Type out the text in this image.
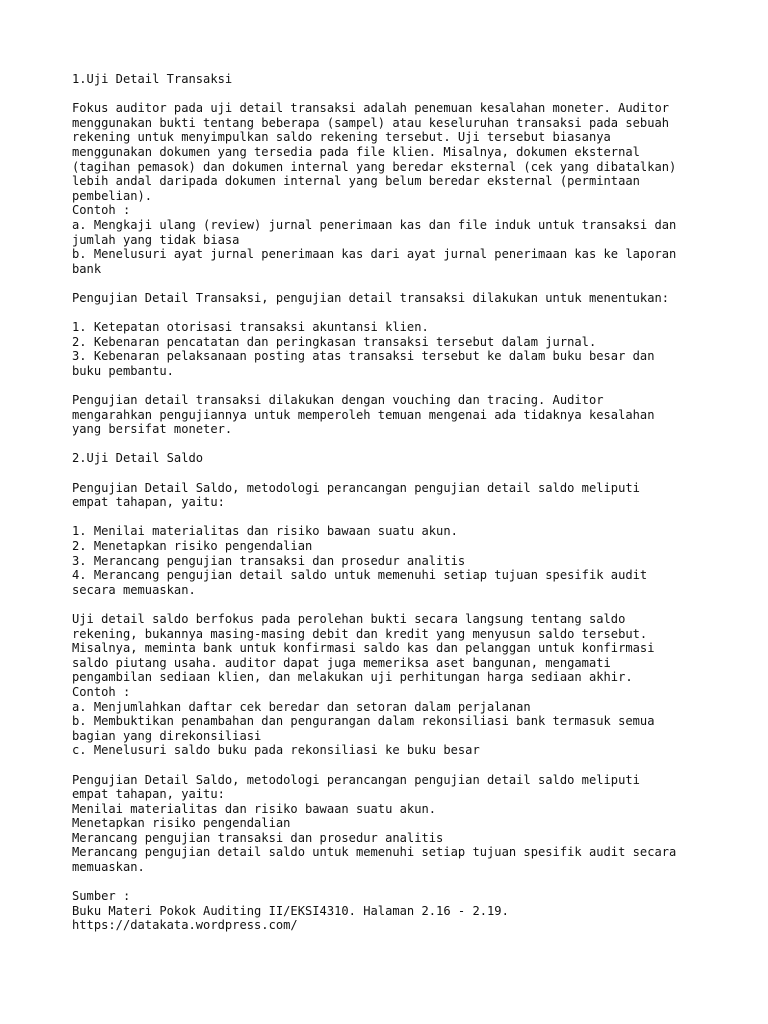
1.Uji Detail Transaksi
Fokus auditor pada uji detail transaksi adalah penemuan kesalahan moneter. Auditor
menggunakan bukti tentang beberapa (sampel) atau keseluruhan transaksi pada sebuah
rekening untuk menyimpulkan saldo rekening tersebut. Uji tersebut biasanya
menggunakan dokumen yang tersedia pada file klien. Misalnya, dokumen eksternal
(tagihan pemasok) dan dokumen internal yang beredar eksternal (cek yang dibatalkan)
lebih andal daripada dokumen internal yang belum beredar eksternal (permintaan
pembelian).
Contoh :
a. Mengkaji ulang (review) jurnal penerimaan kas dan file induk untuk transaksi dan
jumlah yang tidak biasa
b. Menelusuri ayat jurnal penerimaan kas dari ayat jurnal penerimaan kas ke laporan
bank
Pengujian Detail Transaksi, pengujian detail transaksi dilakukan untuk menentukan:
1. Ketepatan otorisasi transaksi akuntansi klien.
2. Kebenaran pencatatan dan peringkasan transaksi tersebut dalam jurnal.
3. Kebenaran pelaksanaan posting atas transaksi tersebut ke dalam buku besar dan
buku pembantu.
Pengujian detail transaksi dilakukan dengan vouching dan tracing. Auditor
mengarahkan pengujiannya untuk memperoleh temuan mengenai ada tidaknya kesalahan
yang bersifat moneter.
2.Uji Detail Saldo
Pengujian Detail Saldo, metodologi perancangan pengujian detail saldo meliputi
empat tahapan, yaitu:
1. Menilai materialitas dan risiko bawaan suatu akun.
2. Menetapkan risiko pengendalian
3. Merancang pengujian transaksi dan prosedur analitis
4. Merancang pengujian detail saldo untuk memenuhi setiap tujuan spesifik audit
secara memuaskan.
Uji detail saldo berfokus pada perolehan bukti secara langsung tentang saldo
rekening, bukannya masing-masing debit dan kredit yang menyusun saldo tersebut.
Misalnya, meminta bank untuk konfirmasi saldo kas dan pelanggan untuk konfirmasi
saldo piutang usaha. auditor dapat juga memeriksa aset bangunan, mengamati
pengambilan sediaan klien, dan melakukan uji perhitungan harga sediaan akhir.
Contoh :
a. Menjumlahkan daftar cek beredar dan setoran dalam perjalanan
b. Membuktikan penambahan dan pengurangan dalam rekonsiliasi bank termasuk semua
bagian yang direkonsiliasi
c. Menelusuri saldo buku pada rekonsiliasi ke buku besar
Pengujian Detail Saldo, metodologi perancangan pengujian detail saldo meliputi
empat tahapan, yaitu:
Menilai materialitas dan risiko bawaan suatu akun.
Menetapkan risiko pengendalian
Merancang pengujian transaksi dan prosedur analitis
Merancang pengujian detail saldo untuk memenuhi setiap tujuan spesifik audit secara
memuaskan.
Sumber :
Buku Materi Pokok Auditing II/EKSI4310. Halaman 2.16 - 2.19.
https://datakata.wordpress.com/
